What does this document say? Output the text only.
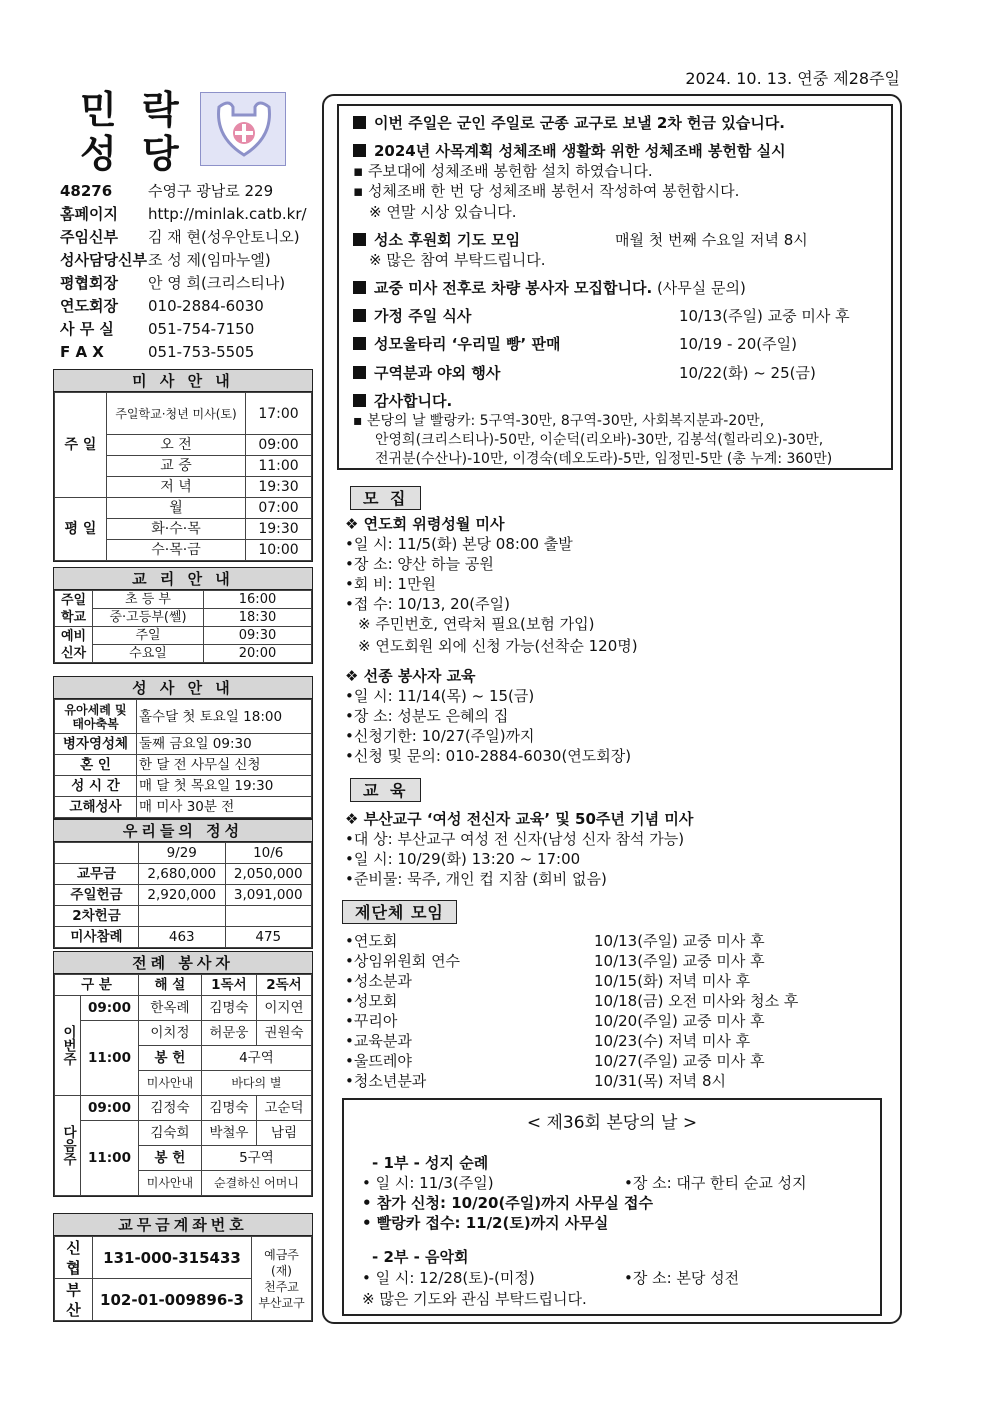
2024. 10. 13. 연중 제28주일
민 락
성 당
48276 수영구 광남로 229
홈페이지 http://minlak.catb.kr/
주임신부 김 재 현(성우안토니오)
성사담당신부조 성 제(임마누엘)
평협회장 안 영 희(크리스티나)
연도회장 010-2884-6030
사 무 실 051-754-7150
F A X	051-753-5505
미 사 안 내
주 일	주일학교·청년 미사(토)	17:00
	오 전	09:00
	교 중	11:00
	저 녁	19:30
평 일	월	07:00
	화·수·목	19:30
	수·목·금	10:00
교 리 안 내
주일학교	초 등 부	16:00
	중·고등부(쎌)	18:30
예비신자	주일	09:30
	수요일	20:00
성 사 안 내
유아세례 및 태아축복	홀수달 첫 토요일 18:00
병자영성체	둘째 금요일 09:30
혼 인	한 달 전 사무실 신청
성 시 간	매 달 첫 목요일 19:30
고해성사	매 미사 30분 전
우리들의 정성
	9/29	10/6
교무금	2,680,000	2,050,000
주일헌금	2,920,000	3,091,000
2차헌금		
미사참례	463	475
전례 봉사자
구 분		해 설	1독서	2독서
이번주	09:00	한옥례	김명숙	이지연
	11:00	이치정	허문웅	권원숙
		봉 헌	4구역	
		미사안내	바다의 별	
다음주	09:00	김정숙	김명숙	고순덕
	11:00	김숙희	박철우	남림
		봉 헌	5구역	
		미사안내	순결하신 어머니	
교무금계좌번호
신 협	131-000-315433	예금주
(재)
천주교
부산교구

부 산	102-01-009896-3	
이번 주일은 군인 주일로 군종 교구로 보낼 2차 헌금 있습니다.
2024년 사목계획 성체조배 생활화 위한 성체조배 봉헌함 실시
▪ 주보대에 성체조배 봉헌함 설치 하였습니다.
▪ 성체조배 한 번 당 성체조배 봉헌서 작성하여 봉헌합시다.
※ 연말 시상 있습니다.
성소 후원회 기도 모임	매월 첫 번째 수요일 저녁 8시
※ 많은 참여 부탁드립니다.
교중 미사 전후로 차량 봉사자 모집합니다. (사무실 문의)
가정 주일 식사	10/13(주일) 교중 미사 후
성모울타리 ‘우리밀 빵’ 판매	10/19 - 20(주일)
구역분과 야외 행사	10/22(화) ~ 25(금)
감사합니다.
▪ 본당의 날 빨랑카: 5구역-30만, 8구역-30만, 사회복지분과-20만,
안영희(크리스티나)-50만, 이순덕(리오바)-30만, 김봉석(힐라리오)-30만,
전귀분(수산나)-10만, 이경숙(데오도라)-5만, 임정민-5만 (총 누계: 360만)
모 집
❖ 연도회 위령성월 미사
•일 시: 11/5(화) 본당 08:00 출발
•장 소: 양산 하늘 공원
•회 비: 1만원
•접 수: 10/13, 20(주일)
※ 주민번호, 연락처 필요(보험 가입)
※ 연도회원 외에 신청 가능(선착순 120명)
❖ 선종 봉사자 교육
•일 시: 11/14(목) ~ 15(금)
•장 소: 성분도 은혜의 집
•신청기한: 10/27(주일)까지
•신청 및 문의: 010-2884-6030(연도회장)
교 육
❖ 부산교구 ‘여성 전신자 교육’ 및 50주년 기념 미사
•대 상: 부산교구 여성 전 신자(남성 신자 참석 가능)
•일 시: 10/29(화) 13:20 ~ 17:00
•준비물: 묵주, 개인 컵 지참 (회비 없음)
제단체 모임
•연도회	10/13(주일) 교중 미사 후
•상임위원회 연수	10/13(주일) 교중 미사 후
•성소분과	10/15(화) 저녁 미사 후
•성모회	10/18(금) 오전 미사와 청소 후
•꾸리아	10/20(주일) 교중 미사 후
•교육분과	10/23(수) 저녁 미사 후
•울뜨레야	10/27(주일) 교중 미사 후
•청소년분과	10/31(목) 저녁 8시
< 제36회 본당의 날 >
- 1부 - 성지 순례
• 일 시: 11/3(주일)	•장 소: 대구 한티 순교 성지
• 참가 신청: 10/20(주일)까지 사무실 접수
• 빨랑카 접수: 11/2(토)까지 사무실
- 2부 - 음악회
• 일 시: 12/28(토)-(미정)	•장 소: 본당 성전
※ 많은 기도와 관심 부탁드립니다.
